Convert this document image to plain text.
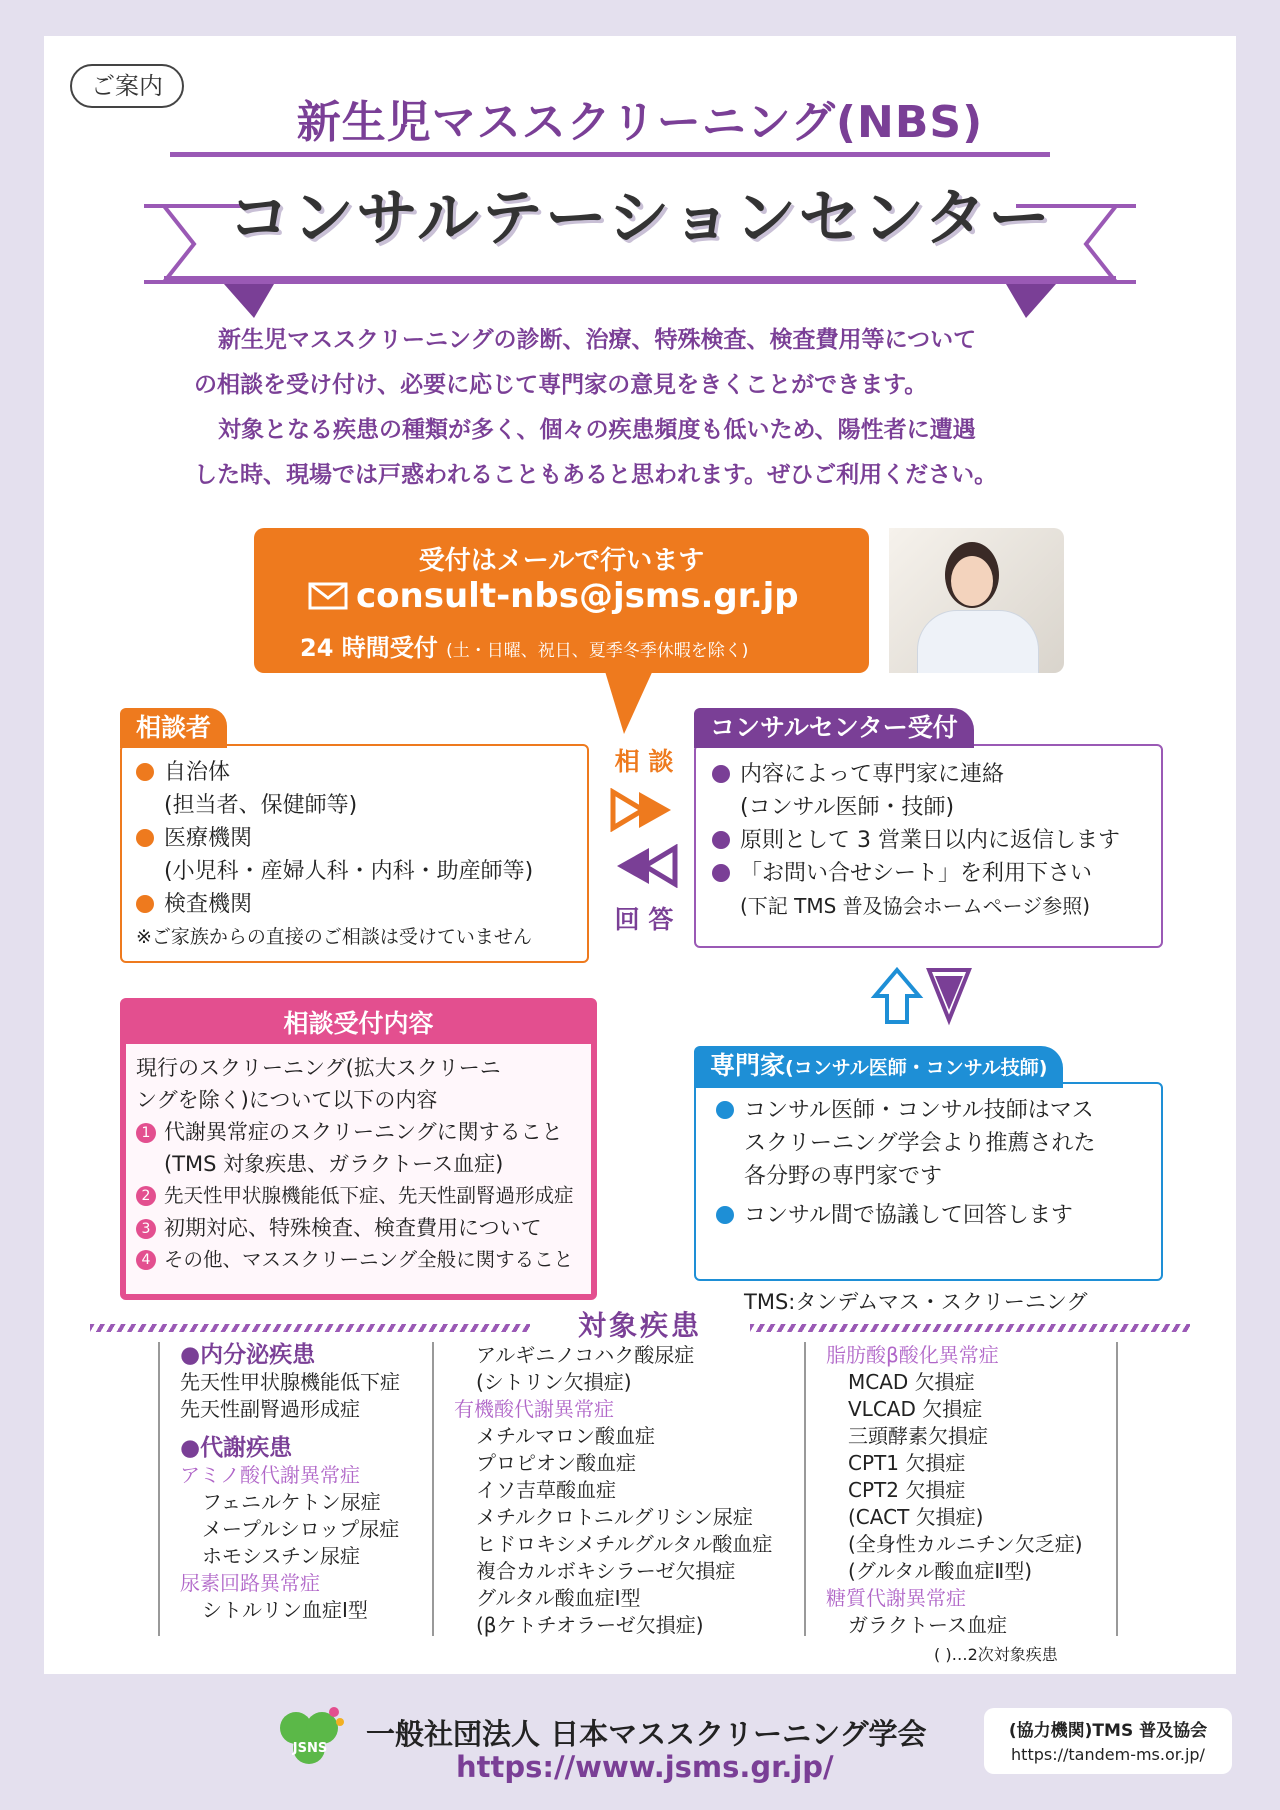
ご案内
新生児マススクリーニング(NBS)
コンサルテーションセンター

新生児マススクリーニングの診断、治療、特殊検査、検査費用等について

の相談を受け付け、必要に応じて専門家の意見をきくことができます。

対象となる疾患の種類が多く、個々の疾患頻度も低いため、陽性者に遭遇

した時、現場では戸惑われることもあると思われます。ぜひご利用ください。

受付はメールで行います
consult-nbs@jsms.gr.jp
24 時間受付 (土・日曜、祝日、夏季冬季休暇を除く)
相談者
自治体
(担当者、保健師等)
医療機関
(小児科・産婦人科・内科・助産師等)
検査機関
※ご家族からの直接のご相談は受けていません
相 談
回 答
コンサルセンター受付
内容によって専門家に連絡
(コンサル医師・技師)
原則として 3 営業日以内に返信します
「お問い合せシート」を利用下さい
(下記 TMS 普及協会ホームページ参照)
相談受付内容
現行のスクリーニング(拡大スクリーニ
ングを除く)について以下の内容
1 代謝異常症のスクリーニングに関すること
(TMS 対象疾患、ガラクトース血症)
2 先天性甲状腺機能低下症、先天性副腎過形成症
3 初期対応、特殊検査、検査費用について
4 その他、マススクリーニング全般に関すること
専門家(コンサル医師・コンサル技師)
コンサル医師・コンサル技師はマス
スクリーニング学会より推薦された
各分野の専門家です
コンサル間で協議して回答します
TMS:タンデムマス・スクリーニング
対象疾患
●内分泌疾患
先天性甲状腺機能低下症
先天性副腎過形成症
●代謝疾患
アミノ酸代謝異常症
フェニルケトン尿症
メープルシロップ尿症
ホモシスチン尿症
尿素回路異常症
シトルリン血症Ⅰ型
アルギニノコハク酸尿症
(シトリン欠損症)
有機酸代謝異常症
メチルマロン酸血症
プロピオン酸血症
イソ吉草酸血症
メチルクロトニルグリシン尿症
ヒドロキシメチルグルタル酸血症
複合カルボキシラーゼ欠損症
グルタル酸血症Ⅰ型
(βケトチオラーゼ欠損症)
脂肪酸β酸化異常症
MCAD 欠損症
VLCAD 欠損症
三頭酵素欠損症
CPT1 欠損症
CPT2 欠損症
(CACT 欠損症)
(全身性カルニチン欠乏症)
(グルタル酸血症Ⅱ型)
糖質代謝異常症
ガラクトース血症
( )…2次対象疾患
JSNS 一般社団法人 日本マススクリーニング学会
https://www.jsms.gr.jp/
(協力機関)TMS 普及協会
https://tandem-ms.or.jp/
